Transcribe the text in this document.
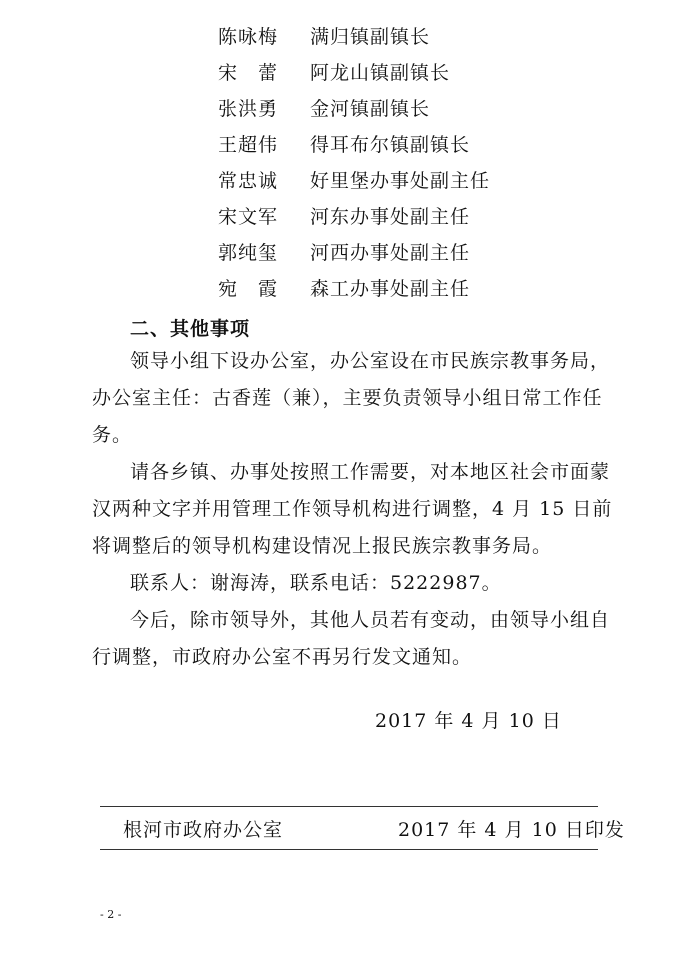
陈咏梅 满归镇副镇长
宋　蕾 阿龙山镇副镇长
张洪勇 金河镇副镇长
王超伟 得耳布尔镇副镇长
常忠诚 好里堡办事处副主任
宋文军 河东办事处副主任
郭纯玺 河西办事处副主任
宛　霞 森工办事处副主任
二、其他事项

领导小组下设办公室，办公室设在市民族宗教事务局，办公室主任：古香莲（兼），主要负责领导小组日常工作任务。

请各乡镇、办事处按照工作需要，对本地区社会市面蒙汉两种文字并用管理工作领导机构进行调整，4 月 15 日前将调整后的领导机构建设情况上报民族宗教事务局。

联系人：谢海涛，联系电话：5222987。

今后，除市领导外，其他人员若有变动，由领导小组自行调整，市政府办公室不再另行发文通知。

2017 年 4 月 10 日
根河市政府办公室	2017 年 4 月 10 日印发
- 2 -
